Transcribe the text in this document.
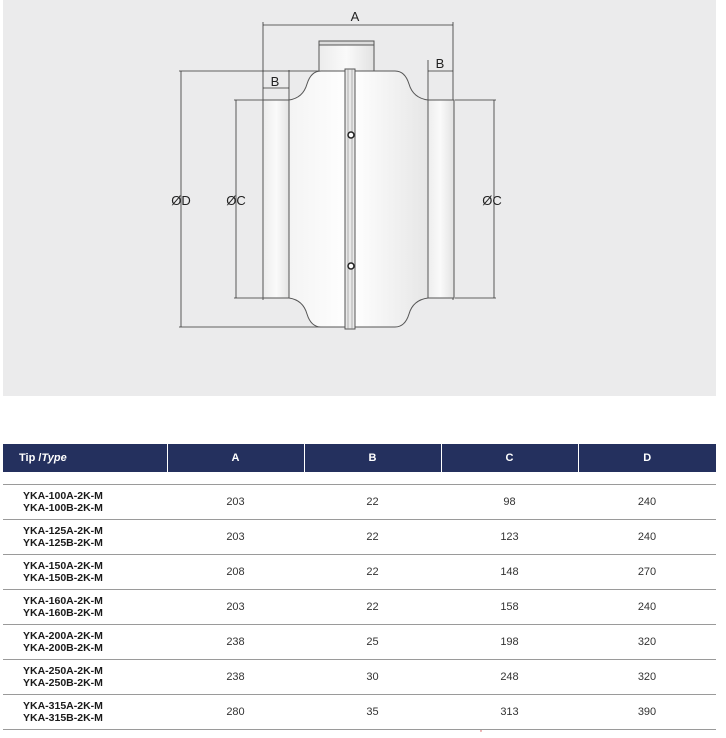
A
B
B
ØD	ØC	ØC
Tip /Type	A	B	C	D

YKA-100A-2K-M
YKA-100B-2K-M	203	22	98	240

YKA-125A-2K-M
YKA-125B-2K-M	203	22	123	240

YKA-150A-2K-M
YKA-150B-2K-M	208	22	148	270

YKA-160A-2K-M
YKA-160B-2K-M	203	22	158	240

YKA-200A-2K-M
YKA-200B-2K-M	238	25	198	320

YKA-250A-2K-M
YKA-250B-2K-M	238	30	248	320

YKA-315A-2K-M
YKA-315B-2K-M	280	35	313	390
*
